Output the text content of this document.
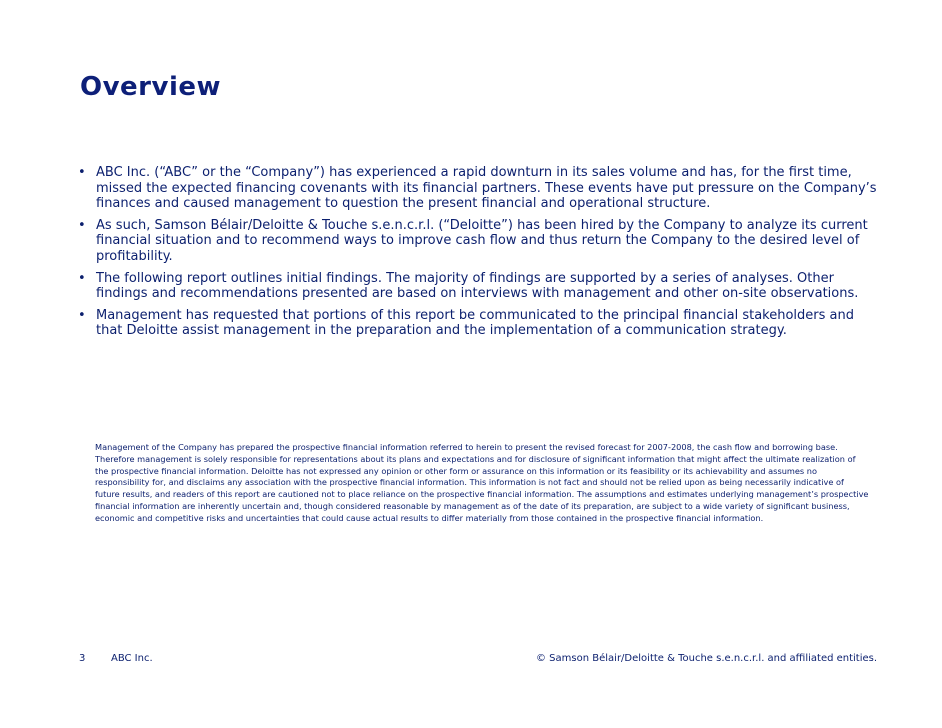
Overview
• ABC Inc. (“ABC” or the “Company”) has experienced a rapid downturn in its sales volume and has, for the first time, missed the expected financing covenants with its financial partners. These events have put pressure on the Company’s finances and caused management to question the present financial and operational structure.
• As such, Samson Bélair/Deloitte & Touche s.e.n.c.r.l. (“Deloitte”) has been hired by the Company to analyze its current financial situation and to recommend ways to improve cash flow and thus return the Company to the desired level of profitability.
• The following report outlines initial findings. The majority of findings are supported by a series of analyses. Other findings and recommendations presented are based on interviews with management and other on-site observations.
• Management has requested that portions of this report be communicated to the principal financial stakeholders and that Deloitte assist management in the preparation and the implementation of a communication strategy.

Management of the Company has prepared the prospective financial information referred to herein to present the revised forecast for 2007-2008, the cash flow and borrowing base. Therefore management is solely responsible for representations about its plans and expectations and for disclosure of significant information that might affect the ultimate realization of the prospective financial information. Deloitte has not expressed any opinion or other form or assurance on this information or its feasibility or its achievability and assumes no responsibility for, and disclaims any association with the prospective financial information. This information is not fact and should not be relied upon as being necessarily indicative of future results, and readers of this report are cautioned not to place reliance on the prospective financial information. The assumptions and estimates underlying management’s prospective financial information are inherently uncertain and, though considered reasonable by management as of the date of its preparation, are subject to a wide variety of significant business, economic and competitive risks and uncertainties that could cause actual results to differ materially from those contained in the prospective financial information.

3	ABC Inc.	© Samson Bélair/Deloitte & Touche s.e.n.c.r.l. and affiliated entities.
